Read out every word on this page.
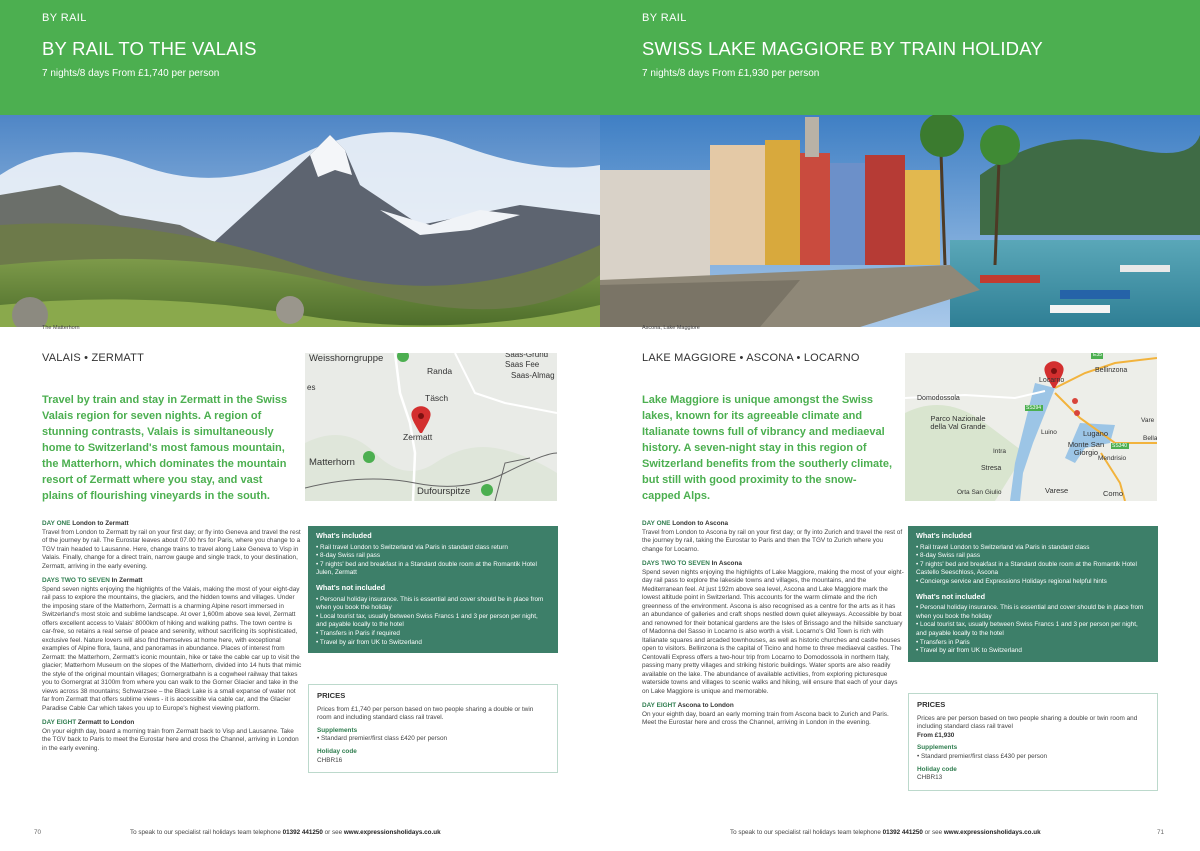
BY RAIL
BY RAIL TO THE VALAIS
7 nights/8 days From £1,740 per person
The Matterhorn
VALAIS • ZERMATT
Travel by train and stay in Zermatt in the Swiss Valais region for seven nights. A region of stunning contrasts, Valais is simultaneously home to Switzerland's most famous mountain, the Matterhorn, which dominates the mountain resort of Zermatt where you stay, and vast plains of flourishing vineyards in the south.
Weisshorngruppe	Saas-Grund
Saas Fee
Saas-Almag
Randa
Täsch
Zermatt
Matterhorn
Dufourspitze
es
DAY ONE London to Zermatt
Travel from London to Zermatt by rail on your first day; or fly into Geneva and travel the rest of the journey by rail. The Eurostar leaves about 07.00 hrs for Paris, where you change to a TGV train headed to Lausanne. Here, change trains to travel along Lake Geneva to Visp in Valais. Finally, change for a direct train, narrow gauge and single track, to your destination, Zermatt, arriving in the early evening.
DAYS TWO TO SEVEN In Zermatt
Spend seven nights enjoying the highlights of the Valais, making the most of your eight-day rail pass to explore the mountains, the glaciers, and the hidden towns and villages. Under the imposing stare of the Matterhorn, Zermatt is a charming Alpine resort immersed in Switzerland's most stoic and sublime landscape. At over 1,600m above sea level, Zermatt offers excellent access to Valais' 8000km of hiking and walking paths. The town centre is car-free, so retains a real sense of peace and serenity, without sacrificing its sophisticated, exclusive feel. Nature lovers will also find themselves at home here, with exceptional examples of Alpine flora, fauna, and panoramas in abundance. Places of interest from Zermatt: the Matterhorn, Zermatt's iconic mountain, hike or take the cable car up to visit the glacier; Matterhorn Museum on the slopes of the Matterhorn, divided into 14 huts that mimic the style of the original mountain villages; Gornergratbahn is a cogwheel railway that takes you to Gornergrat at 3100m from where you can walk to the Gorner Glacier and take in the views across 38 mountains; Schwarzsee – the Black Lake is a small expanse of water not far from Zermatt that offers sublime views - it is accessible via cable car, and the Glacier Paradise Cable Car which takes you up to Europe's highest viewing platform.
DAY EIGHT Zermatt to London
On your eighth day, board a morning train from Zermatt back to Visp and Lausanne. Take the TGV back to Paris to meet the Eurostar here and cross the Channel, arriving in London in the early evening.
What's included
• Rail travel London to Switzerland via Paris in standard class return
• 8-day Swiss rail pass
• 7 nights' bed and breakfast in a Standard double room at the Romantik Hotel Julen, Zermatt
What's not included
• Personal holiday insurance. This is essential and cover should be in place from when you book the holiday
• Local tourist tax, usually between Swiss Francs 1 and 3 per person per night, and payable locally to the hotel
• Transfers in Paris if required
• Travel by air from UK to Switzerland
PRICES
Prices from £1,740 per person based on two people sharing a double or twin room and including standard class rail travel.
Supplements
• Standard premier/first class £420 per person
Holiday code
CHBR16
70	To speak to our specialist rail holidays team telephone 01392 441250 or see www.expressionsholidays.co.uk
BY RAIL
SWISS LAKE MAGGIORE BY TRAIN HOLIDAY
7 nights/8 days From £1,930 per person
Ascona, Lake Maggiore
LAKE MAGGIORE • ASCONA • LOCARNO
Lake Maggiore is unique amongst the Swiss lakes, known for its agreeable climate and Italianate towns full of vibrancy and mediaeval history. A seven-night stay in this region of Switzerland benefits from the southerly climate, but still with good proximity to the snow-capped Alps.
Domodossola
Parco Nazionale della Val Grande
Locarno
Bellinzona
Lugano
Monte San Giorgio
Varese	Como
Stresa
Intra
Luino
Mendrisio
Orta San Giulio
Bella
Vare
E35
SS394
SS340
DAY ONE London to Ascona
Travel from London to Ascona by rail on your first day; or fly into Zurich and travel the rest of the journey by rail, taking the Eurostar to Paris and then the TGV to Zurich where you change for Locarno.
DAYS TWO TO SEVEN In Ascona
Spend seven nights enjoying the highlights of Lake Maggiore, making the most of your eight-day rail pass to explore the lakeside towns and villages, the mountains, and the Mediterranean feel. At just 192m above sea level, Ascona and Lake Maggiore mark the lowest altitude point in Switzerland. This accounts for the warm climate and the rich greenness of the environment. Ascona is also recognised as a centre for the arts as it has an abundance of galleries and craft shops nestled down quiet alleyways. Accessible by boat and renowned for their botanical gardens are the Isles of Brissago and the hillside sanctuary of Madonna del Sasso in Locarno is also worth a visit. Locarno's Old Town is rich with Italianate squares and arcaded townhouses, as well as historic churches and castle houses open to visitors. Bellinzona is the capital of Ticino and home to three mediaeval castles. The Centovalli Express offers a two-hour trip from Locarno to Domodossola in northern Italy, passing many pretty villages and striking historic buildings. Water sports are also readily available on the lake. The abundance of available activities, from exploring picturesque waterside towns and villages to scenic walks and hiking, will ensure that each of your days on Lake Maggiore is unique and memorable.
DAY EIGHT Ascona to London
On your eighth day, board an early morning train from Ascona back to Zurich and Paris. Meet the Eurostar here and cross the Channel, arriving in London in the evening.
What's included
• Rail travel London to Switzerland via Paris in standard class
• 8-day Swiss rail pass
• 7 nights' bed and breakfast in a Standard double room at the Romantik Hotel Castello Seeschloss, Ascona
• Concierge service and Expressions Holidays regional helpful hints
What's not included
• Personal holiday insurance. This is essential and cover should be in place from when you book the holiday
• Local tourist tax, usually between Swiss Francs 1 and 3 per person per night, and payable locally to the hotel
• Transfers in Paris
• Travel by air from UK to Switzerland
PRICES
Prices are per person based on two people sharing a double or twin room and including standard class rail travel
From £1,930
Supplements
• Standard premier/first class £430 per person
Holiday code
CHBR13
71
To speak to our specialist rail holidays team telephone 01392 441250 or see www.expressionsholidays.co.uk
